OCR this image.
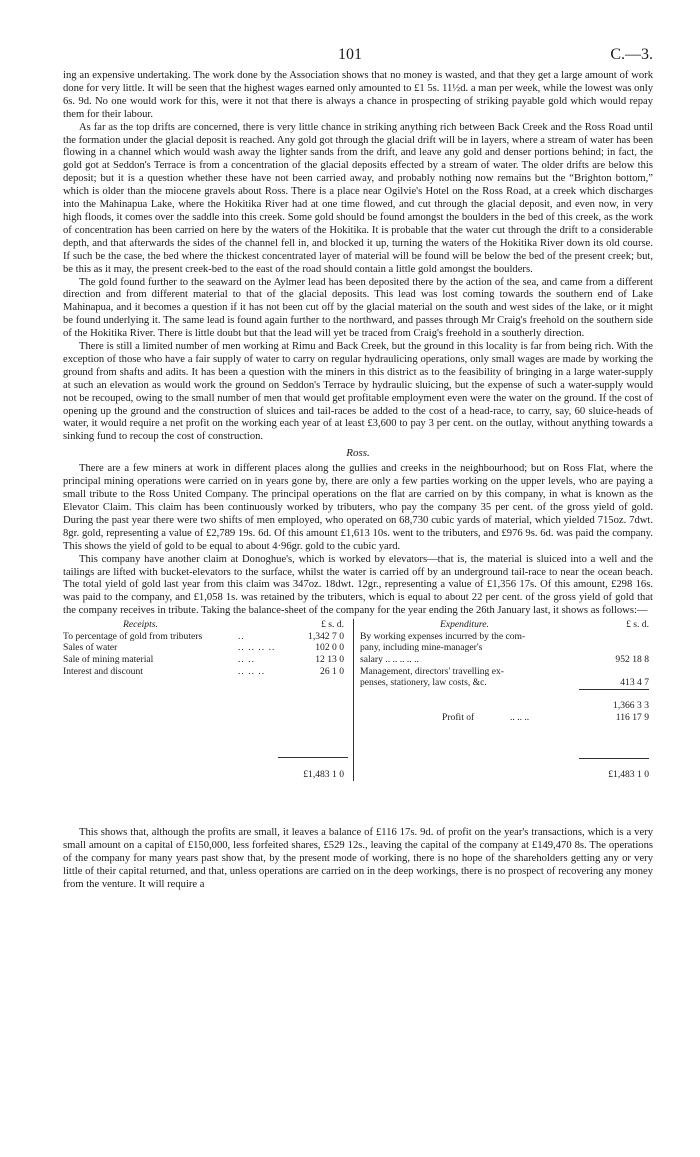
101	C.—3.

ing an expensive undertaking. The work done by the Association shows that no money is wasted, and that they get a large amount of work done for very little. It will be seen that the highest wages earned only amounted to £1 5s. 11½d. a man per week, while the lowest was only 6s. 9d. No one would work for this, were it not that there is always a chance in prospecting of striking payable gold which would repay them for their labour.

As far as the top drifts are concerned, there is very little chance in striking anything rich between Back Creek and the Ross Road until the formation under the glacial deposit is reached. Any gold got through the glacial drift will be in layers, where a stream of water has been flowing in a channel which would wash away the lighter sands from the drift, and leave any gold and denser portions behind; in fact, the gold got at Seddon's Terrace is from a concentration of the glacial deposits effected by a stream of water. The older drifts are below this deposit; but it is a question whether these have not been carried away, and probably nothing now remains but the “Brighton bottom,” which is older than the miocene gravels about Ross. There is a place near Ogilvie's Hotel on the Ross Road, at a creek which discharges into the Mahinapua Lake, where the Hokitika River had at one time flowed, and cut through the glacial deposit, and even now, in very high floods, it comes over the saddle into this creek. Some gold should be found amongst the boulders in the bed of this creek, as the work of concentration has been carried on here by the waters of the Hokitika. It is probable that the water cut through the drift to a considerable depth, and that afterwards the sides of the channel fell in, and blocked it up, turning the waters of the Hokitika River down its old course. If such be the case, the bed where the thickest concentrated layer of material will be found will be below the bed of the present creek; but, be this as it may, the present creek-bed to the east of the road should contain a little gold amongst the boulders.

The gold found further to the seaward on the Aylmer lead has been deposited there by the action of the sea, and came from a different direction and from different material to that of the glacial deposits. This lead was lost coming towards the southern end of Lake Mahinapua, and it becomes a question if it has not been cut off by the glacial material on the south and west sides of the lake, or it might be found underlying it. The same lead is found again further to the northward, and passes through Mr Craig's freehold on the southern side of the Hokitika River. There is little doubt but that the lead will yet be traced from Craig's freehold in a southerly direction.

There is still a limited number of men working at Rimu and Back Creek, but the ground in this locality is far from being rich. With the exception of those who have a fair supply of water to carry on regular hydraulicing operations, only small wages are made by working the ground from shafts and adits. It has been a question with the miners in this district as to the feasibility of bringing in a large water-supply at such an elevation as would work the ground on Seddon's Terrace by hydraulic sluicing, but the expense of such a water-supply would not be recouped, owing to the small number of men that would get profitable employment even were the water on the ground. If the cost of opening up the ground and the construction of sluices and tail-races be added to the cost of a head-race, to carry, say, 60 sluice-heads of water, it would require a net profit on the working each year of at least £3,600 to pay 3 per cent. on the outlay, without anything towards a sinking fund to recoup the cost of construction.

Ross.

There are a few miners at work in different places along the gullies and creeks in the neighbourhood; but on Ross Flat, where the principal mining operations were carried on in years gone by, there are only a few parties working on the upper levels, who are paying a small tribute to the Ross United Company. The principal operations on the flat are carried on by this company, in what is known as the Elevator Claim. This claim has been continuously worked by tributers, who pay the company 35 per cent. of the gross yield of gold. During the past year there were two shifts of men employed, who operated on 68,730 cubic yards of material, which yielded 715oz. 7dwt. 8gr. gold, representing a value of £2,789 19s. 6d. Of this amount £1,613 10s. went to the tributers, and £976 9s. 6d. was paid the company. This shows the yield of gold to be equal to about 4·96gr. gold to the cubic yard.

This company have another claim at Donoghue's, which is worked by elevators—that is, the material is sluiced into a well and the tailings are lifted with bucket-elevators to the surface, whilst the water is carried off by an underground tail-race to near the ocean beach. The total yield of gold last year from this claim was 347oz. 18dwt. 12gr., representing a value of £1,356 17s. Of this amount, £298 16s. was paid to the company, and £1,058 1s. was retained by the tributers, which is equal to about 22 per cent. of the gross yield of gold that the company receives in tribute. Taking the balance-sheet of the company for the year ending the 26th January last, it shows as follows:—

Receipts.	£ s. d.
To percentage of gold from tributers	..	1,342 7 0
Sales of water	.. .. .. ..	102 0 0
Sale of mining material	.. ..	12 13 0
Interest and discount	.. .. ..	26 1 0
£1,483 1 0
Expenditure.	£ s. d.
By working expenses incurred by the com-
pany, including mine-manager's
salary .. .. .. .. ..	952 18 8
Management, directors' travelling ex-
penses, stationery, law costs, &c.	413 4 7
1,366 3 3
Profit of	.. .. ..	116 17 9
£1,483 1 0

This shows that, although the profits are small, it leaves a balance of £116 17s. 9d. of profit on the year's transactions, which is a very small amount on a capital of £150,000, less forfeited shares, £529 12s., leaving the capital of the company at £149,470 8s. The operations of the company for many years past show that, by the present mode of working, there is no hope of the shareholders getting any or very little of their capital returned, and that, unless operations are carried on in the deep workings, there is no prospect of recovering any money from the venture. It will require a
